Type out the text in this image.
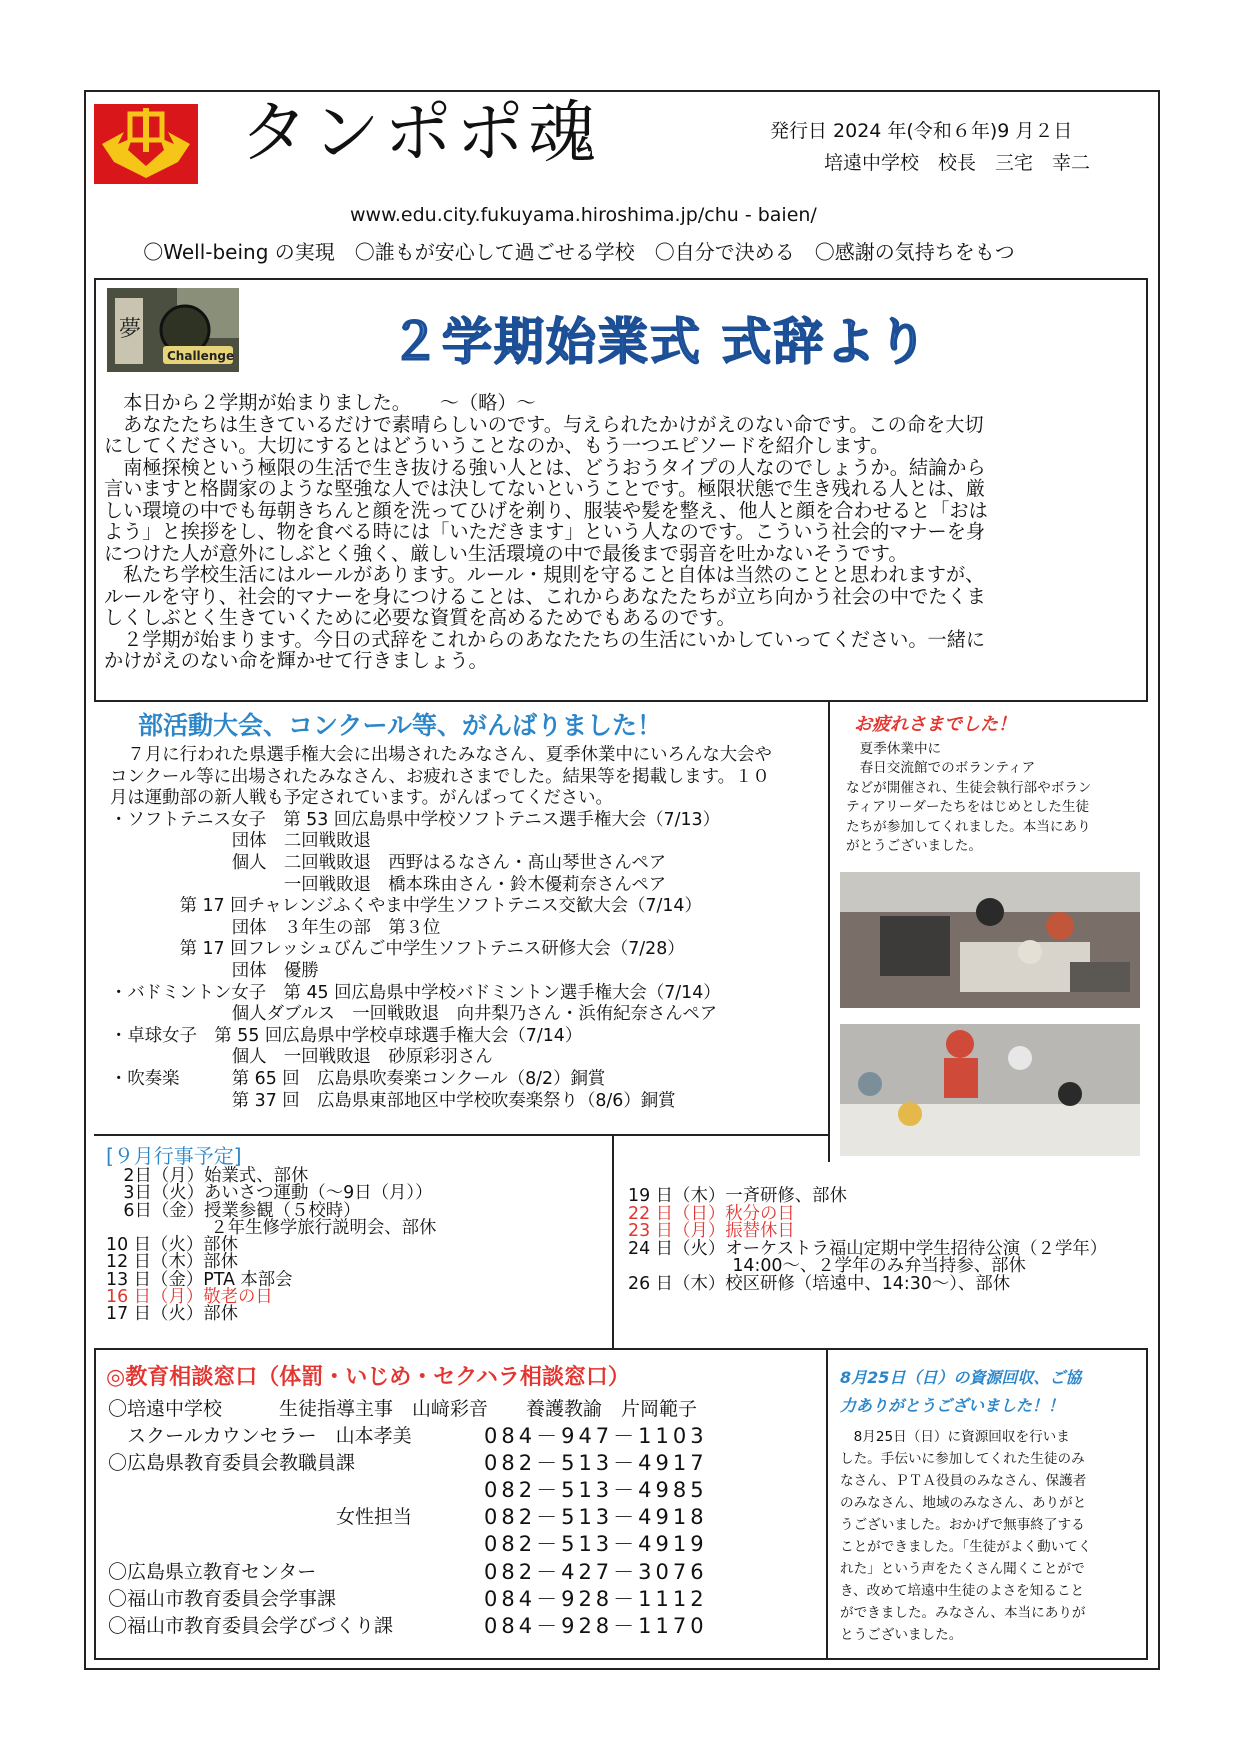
タンポポ魂	発行日 2024 年(令和６年)9 月２日
培遠中学校　校長　三宅　幸二
www.edu.city.fukuyama.hiroshima.jp/chu - baien/
〇Well-being の実現　〇誰もが安心して過ごせる学校　〇自分で決める　〇感謝の気持ちをもつ
夢
Challenge	２学期始業式 式辞より

　本日から２学期が始まりました。　　～（略）～

　あなたたちは生きているだけで素晴らしいのです。与えられたかけがえのない命です。この命を大切

にしてください。大切にするとはどういうことなのか、もう一つエピソードを紹介します。

　南極探検という極限の生活で生き抜ける強い人とは、どうおうタイプの人なのでしょうか。結論から

言いますと格闘家のような堅強な人では決してないということです。極限状態で生き残れる人とは、厳

しい環境の中でも毎朝きちんと顔を洗ってひげを剃り、服装や髪を整え、他人と顔を合わせると「おは

よう」と挨拶をし、物を食べる時には「いただきます」という人なのです。こういう社会的マナーを身

につけた人が意外にしぶとく強く、厳しい生活環境の中で最後まで弱音を吐かないそうです。

　私たち学校生活にはルールがあります。ルール・規則を守ること自体は当然のことと思われますが、

ルールを守り、社会的マナーを身につけることは、これからあなたたちが立ち向かう社会の中でたくま

しくしぶとく生きていくために必要な資質を高めるためでもあるのです。

　２学期が始まります。今日の式辞をこれからのあなたたちの生活にいかしていってください。一緒に

かけがえのない命を輝かせて行きましょう。

部活動大会、コンクール等、がんばりました！

　７月に行われた県選手権大会に出場されたみなさん、夏季休業中にいろんな大会や

コンクール等に出場されたみなさん、お疲れさまでした。結果等を掲載します。１０

月は運動部の新人戦も予定されています。がんばってください。

・ソフトテニス女子　第 53 回広島県中学校ソフトテニス選手権大会（7/13）

　　　　　　　団体　二回戦敗退

　　　　　　　個人　二回戦敗退　西野はるなさん・髙山琴世さんペア

　　　　　　　　　　一回戦敗退　橋本珠由さん・鈴木優莉奈さんペア

　　　　第 17 回チャレンジふくやま中学生ソフトテニス交歓大会（7/14）

　　　　　　　団体　３年生の部　第３位

　　　　第 17 回フレッシュびんご中学生ソフトテニス研修大会（7/28）

　　　　　　　団体　優勝

・バドミントン女子　第 45 回広島県中学校バドミントン選手権大会（7/14）

　　　　　　　個人ダブルス　一回戦敗退　向井梨乃さん・浜侑紀奈さんペア

・卓球女子　第 55 回広島県中学校卓球選手権大会（7/14）

　　　　　　　個人　一回戦敗退　砂原彩羽さん

・吹奏楽　　　第 65 回　広島県吹奏楽コンクール（8/2）銅賞

　　　　　　　第 37 回　広島県東部地区中学校吹奏楽祭り（8/6）銅賞

お疲れさまでした！

　夏季休業中に

　春日交流館でのボランティア

などが開催され、生徒会執行部やボラン

ティアリーダーたちをはじめとした生徒

たちが参加してくれました。本当にあり

がとうございました。

[９月行事予定]

　2日（月）始業式、部休

　3日（火）あいさつ運動（～9日（月））

　6日（金）授業参観（５校時）

　　　　　　２年生修学旅行説明会、部休

10 日（火）部休

12 日（木）部休

13 日（金）PTA 本部会

16 日（月）敬老の日

17 日（火）部休

19 日（木）一斉研修、部休

22 日（日）秋分の日

23 日（月）振替休日

24 日（火）オーケストラ福山定期中学生招待公演（２学年）

　　　　　　14:00～、２学年のみ弁当持参、部休

26 日（木）校区研修（培遠中、14:30～）、部休

◎教育相談窓口（体罰・いじめ・セクハラ相談窓口）
〇培遠中学校　　　生徒指導主事　山﨑彩音　　養護教諭　片岡範子
　スクールカウンセラー　山本孝美	084－947－1103
〇広島県教育委員会教職員課	082－513－4917
082－513－4985
　　　　　　　　　　　　女性担当	082－513－4918
082－513－4919
〇広島県立教育センター	082－427－3076
〇福山市教育委員会学事課	084－928－1112
〇福山市教育委員会学びづくり課	084－928－1170

8月25日（日）の資源回収、ご協

力ありがとうございました！！

　8月25日（日）に資源回収を行いま

した。手伝いに参加してくれた生徒のみ

なさん、ＰＴＡ役員のみなさん、保護者

のみなさん、地域のみなさん、ありがと

うございました。おかげで無事終了する

ことができました。「生徒がよく動いてく

れた」という声をたくさん聞くことがで

き、改めて培遠中生徒のよさを知ること

ができました。みなさん、本当にありが

とうございました。
